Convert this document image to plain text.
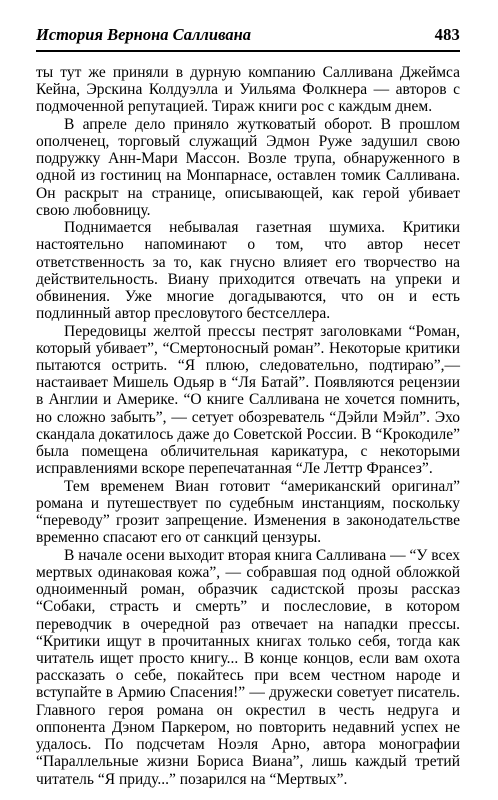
История Вернона Салливана	483

ты тут же приняли в дурную компанию Салливана Джеймса Кейна, Эрскина Колдуэлла и Уильяма Фолкнера — авторов с подмоченной репутацией. Тираж книги рос с каждым днем.

В апреле дело приняло жутковатый оборот. В прошлом ополченец, торговый служащий Эдмон Руже задушил свою подружку Анн-Мари Массон. Возле трупа, обнаруженного в одной из гостиниц на Монпарнасе, оставлен томик Салливана. Он раскрыт на странице, описывающей, как герой убивает свою любовницу.

Поднимается небывалая газетная шумиха. Критики настоятельно напоминают о том, что автор несет ответственность за то, как гнусно влияет его творчество на действительность. Виану приходится отвечать на упреки и обвинения. Уже многие догадываются, что он и есть подлинный автор пресловутого бестселлера.

Передовицы желтой прессы пестрят заголовками “Роман, который убивает”, “Смертоносный роман”. Некоторые критики пытаются острить. “Я плюю, следовательно, подтираю”,— настаивает Мишель Одьяр в “Ля Батай”. Появляются рецензии в Англии и Америке. “О книге Салливана не хочется помнить, но сложно забыть”, — сетует обозреватель “Дэйли Мэйл”. Эхо скандала докатилось даже до Советской России. В “Крокодиле” была помещена обличительная карикатура, с некоторыми исправлениями вскоре перепечатанная “Ле Леттр Франсез”.

Тем временем Виан готовит “американский оригинал” романа и путешествует по судебным инстанциям, поскольку “переводу” грозит запрещение. Изменения в законодательстве временно спасают его от санкций цензуры.

В начале осени выходит вторая книга Салливана — “У всех мертвых одинаковая кожа”, — собравшая под одной обложкой одноименный роман, образчик садистской прозы рассказ “Собаки, страсть и смерть” и послесловие, в котором переводчик в очередной раз отвечает на нападки прессы. “Критики ищут в прочитанных книгах только себя, тогда как читатель ищет просто книгу... В конце концов, если вам охота рассказать о себе, покайтесь при всем честном народе и вступайте в Армию Спасения!” — дружески советует писатель. Главного героя романа он окрестил в честь недруга и оппонента Дэном Паркером, но повторить недавний успех не удалось. По подсчетам Ноэля Арно, автора монографии “Параллельные жизни Бориса Виана”, лишь каждый третий читатель “Я приду...” позарился на “Мертвых”.
